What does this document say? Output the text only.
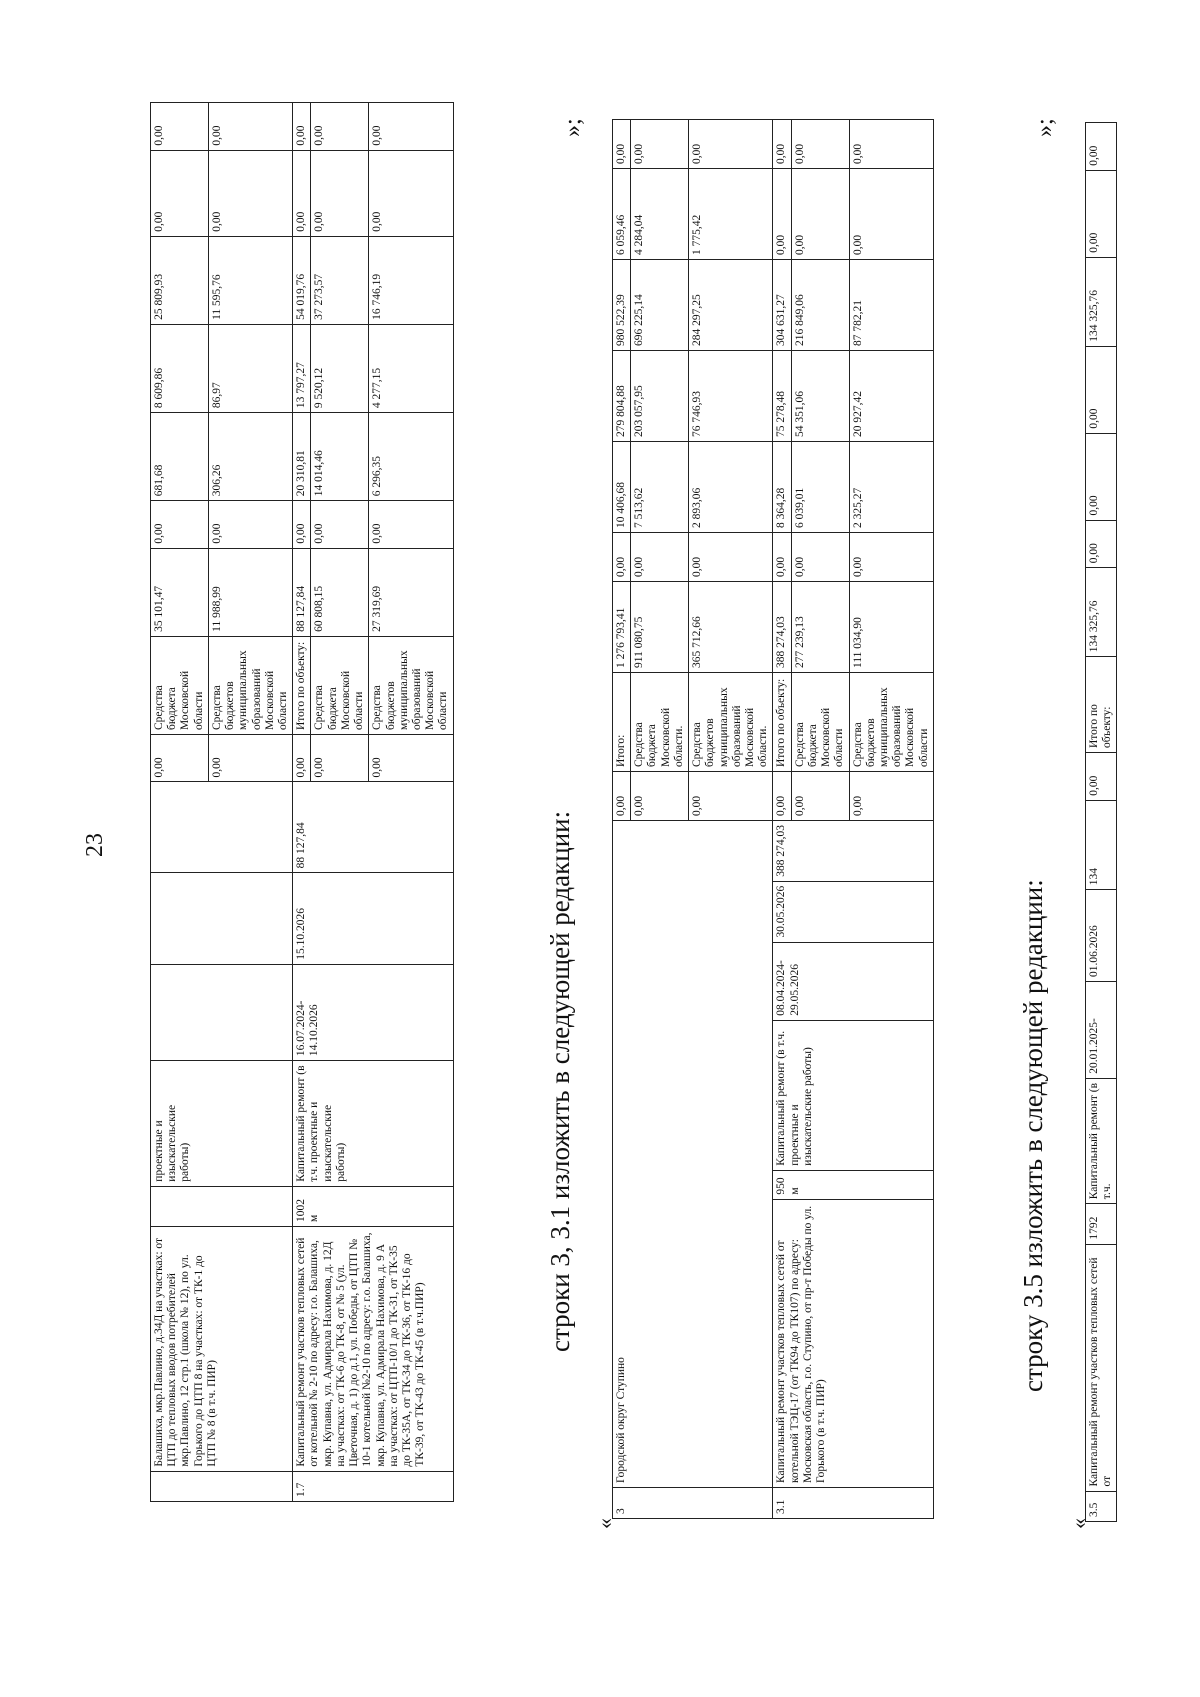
23
	Балашиха, мкр.Павлино, д.34Д на участках: от ЦТП до тепловых вводов потребителей мкр.Павлино, 12 стр.1 (школа № 12), по ул. Горького до ЦТП 8 на участках: от ТК-1 до ЦТП № 8 (в т.ч. ПИР)		проектные и изыскательские работы)				0,00	Средства бюджета Московской области	35 101,47	0,00	681,68	8 609,86	25 809,93	0,00	0,00
							0,00	Средства бюджетов муниципальных образований Московской области	11 988,99	0,00	306,26	86,97	11 595,76	0,00	0,00
1.7	Капитальный ремонт участков тепловых сетей от котельной № 2-10 по адресу: г.о. Балашиха, мкр. Купавна, ул. Адмирала Нахимова, д. 12Д на участках: от ТК-6 до ТК-8, от № 5 (ул. Цветочная, д. 1) до д.1, ул. Победы, от ЦТП № 10-1 котельной №2-10 по адресу: г.о. Балашиха, мкр. Купавна, ул. Адмирала Нахимова, д. 9 А на участках: от ЦТП-10/1 до ТК-31, от ТК-35 до ТК-35А, от ТК-34 до ТК-36, от ТК-16 до ТК-39, от ТК-43 до ТК-45 (в т.ч.ПИР)	1002 м	Капитальный ремонт (в т.ч. проектные и изыскательские работы)	16.07.2024-14.10.2026	15.10.2026	88 127,84	0,00	Итого по объекту:	88 127,84	0,00	20 310,81	13 797,27	54 019,76	0,00	0,00
							0,00	Средства бюджета Московской области	60 808,15	0,00	14 014,46	9 520,12	37 273,57	0,00	0,00
							0,00	Средства бюджетов муниципальных образований Московской области	27 319,69	0,00	6 296,35	4 277,15	16 746,19	0,00	0,00	»;
строки 3, 3.1 изложить в следующей редакции:
«
3	Городской округ Ступино						0,00	Итого:	1 276 793,41	0,00	10 406,68	279 804,88	980 522,39	6 059,46	0,00
							0,00	Средства бюджета Московской области.	911 080,75	0,00	7 513,62	203 057,95	696 225,14	4 284,04	0,00
							0,00	Средства бюджетов муниципальных образований Московской области.	365 712,66	0,00	2 893,06	76 746,93	284 297,25	1 775,42	0,00
3.1	Капитальный ремонт участков тепловых сетей от котельной ТЭЦ-17 (от ТК94 до ТК107) по адресу: Московская область, г.о. Ступино, от пр-т Победы по ул. Горького (в т.ч. ПИР)	950 м	Капитальный ремонт (в т.ч. проектные и изыскательские работы)	08.04.2024-29.05.2026	30.05.2026	388 274,03	0,00	Итого по объекту:	388 274,03	0,00	8 364,28	75 278,48	304 631,27	0,00	0,00
							0,00	Средства бюджета Московской области	277 239,13	0,00	6 039,01	54 351,06	216 849,06	0,00	0,00
							0,00	Средства бюджетов муниципальных образований Московской области	111 034,90	0,00	2 325,27	20 927,42	87 782,21	0,00	0,00
»;
строку 3.5 изложить в следующей редакции:
«
3.5	Капитальный ремонт участков тепловых сетей от	1792	Капитальный ремонт (в т.ч.	20.01.2025-	01.06.2026	134	0,00	Итого по объекту:	134 325,76	0,00	0,00	0,00	134 325,76	0,00	0,00
